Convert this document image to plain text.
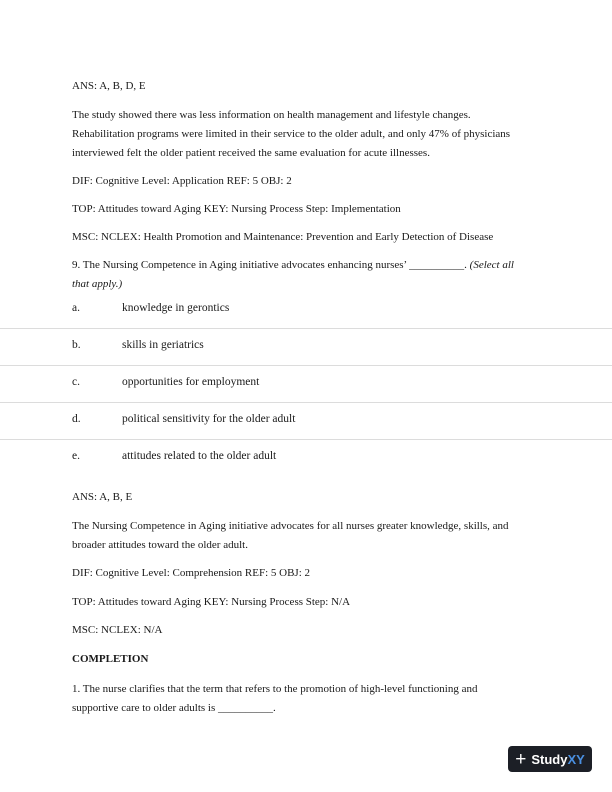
ANS: A, B, D, E

The study showed there was less information on health management and lifestyle changes.

Rehabilitation programs were limited in their service to the older adult, and only 47% of physicians

interviewed felt the older patient received the same evaluation for acute illnesses.

DIF: Cognitive Level: Application REF: 5 OBJ: 2

TOP: Attitudes toward Aging KEY: Nursing Process Step: Implementation

MSC: NCLEX: Health Promotion and Maintenance: Prevention and Early Detection of Disease

9. The Nursing Competence in Aging initiative advocates enhancing nurses’ __________. (Select all

that apply.)

a.	knowledge in gerontics
b.	skills in geriatrics
c.	opportunities for employment
d.	political sensitivity for the older adult
e.	attitudes related to the older adult

ANS: A, B, E

The Nursing Competence in Aging initiative advocates for all nurses greater knowledge, skills, and

broader attitudes toward the older adult.

DIF: Cognitive Level: Comprehension REF: 5 OBJ: 2

TOP: Attitudes toward Aging KEY: Nursing Process Step: N/A

MSC: NCLEX: N/A

COMPLETION

1. The nurse clarifies that the term that refers to the promotion of high-level functioning and

supportive care to older adults is __________.

+ Study XY
